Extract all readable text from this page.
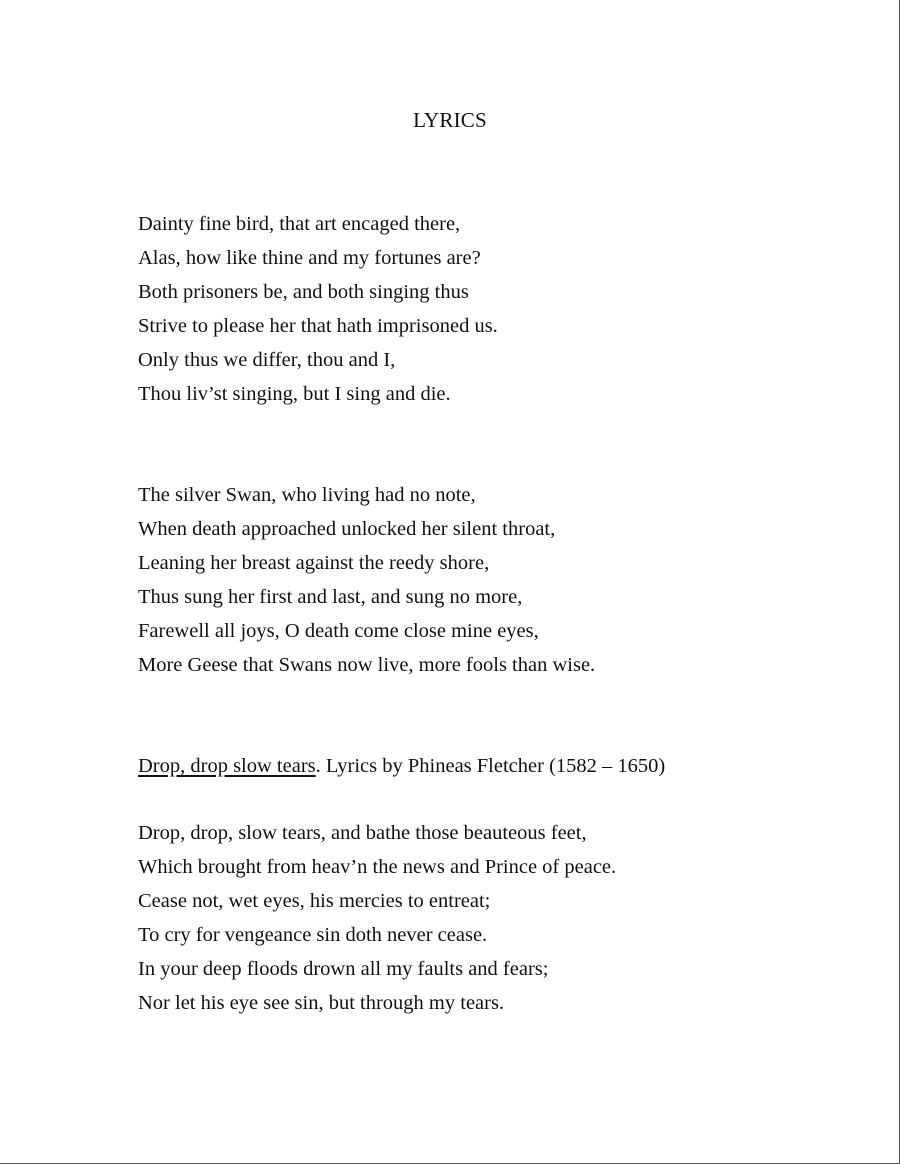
LYRICS
Dainty fine bird, that art encaged there,
Alas, how like thine and my fortunes are?
Both prisoners be, and both singing thus
Strive to please her that hath imprisoned us.
Only thus we differ, thou and I,
Thou liv’st singing, but I sing and die.
The silver Swan, who living had no note,
When death approached unlocked her silent throat,
Leaning her breast against the reedy shore,
Thus sung her first and last, and sung no more,
Farewell all joys, O death come close mine eyes,
More Geese that Swans now live, more fools than wise.

Drop, drop slow tears. Lyrics by Phineas Fletcher (1582 – 1650)

Drop, drop, slow tears, and bathe those beauteous feet,
Which brought from heav’n the news and Prince of peace.
Cease not, wet eyes, his mercies to entreat;
To cry for vengeance sin doth never cease.
In your deep floods drown all my faults and fears;
Nor let his eye see sin, but through my tears.
